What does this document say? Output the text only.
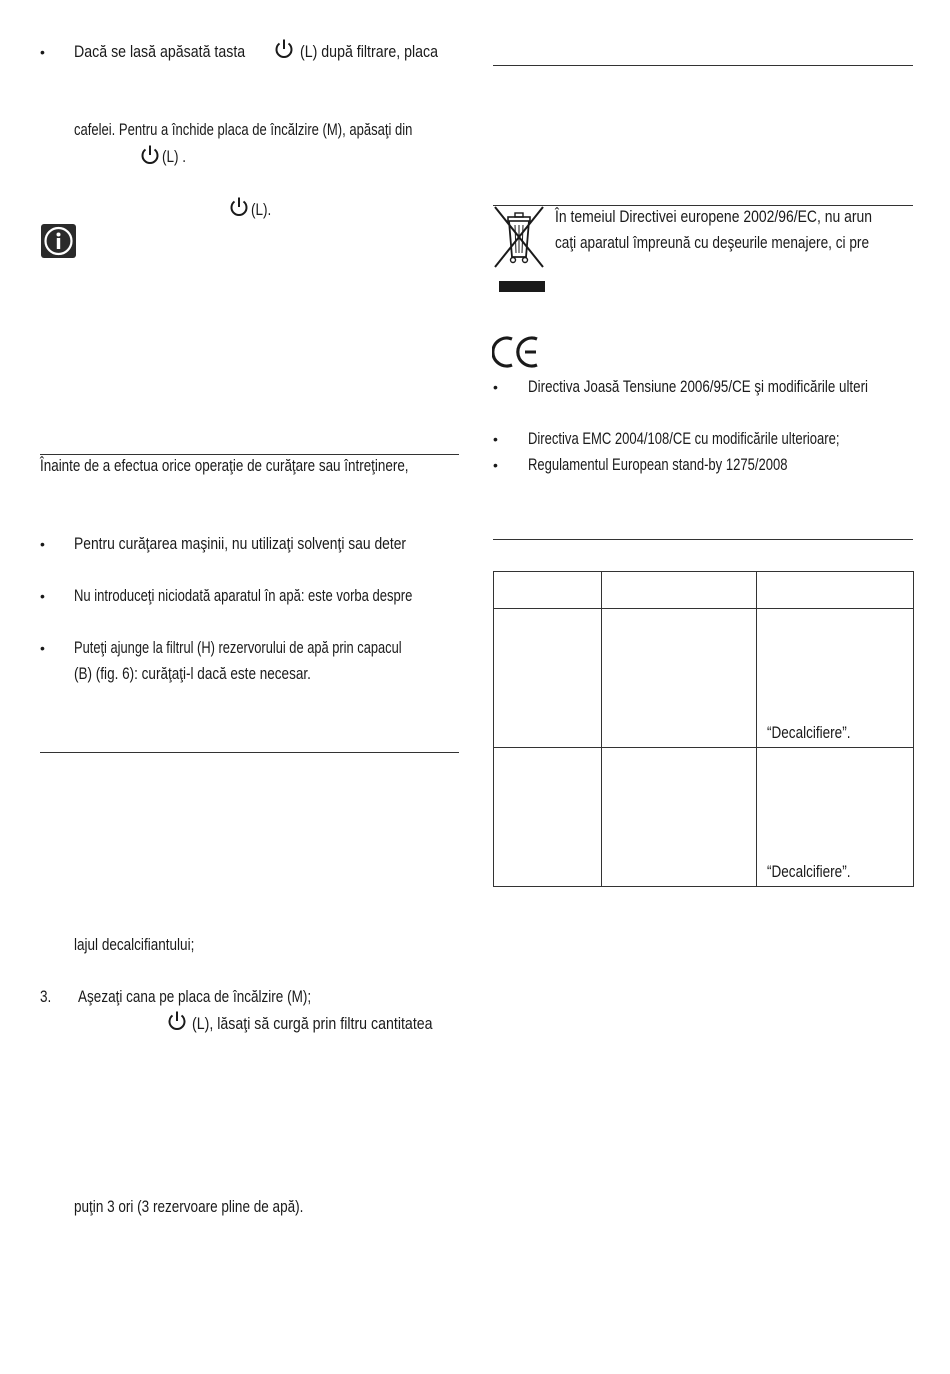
• Dacă se lasă apăsată tasta	(L) după filtrare, placa
cafelei. Pentru a închide placa de încălzire (M), apăsaţi din
(L) .
(L).
Înainte de a efectua orice operaţie de curăţare sau întreţinere,
• Pentru curăţarea maşinii, nu utilizaţi solvenţi sau deter
• Nu introduceţi niciodată aparatul în apă: este vorba despre
• Puteţi ajunge la filtrul (H) rezervorului de apă prin capacul
(B) (fig. 6): curăţaţi-l dacă este necesar.
lajul decalcifiantului;
3. Aşezaţi cana pe placa de încălzire (M);
(L), lăsaţi să curgă prin filtru cantitatea
puţin 3 ori (3 rezervoare pline de apă).
În temeiul Directivei europene 2002/96/EC, nu arun
caţi aparatul împreună cu deşeurile menajere, ci pre
• Directiva Joasă Tensiune 2006/95/CE şi modificările ulteri
• Directiva EMC 2004/108/CE cu modificările ulterioare;
• Regulamentul European stand-by 1275/2008

		“Decalcifiere”.

		“Decalcifiere”.
